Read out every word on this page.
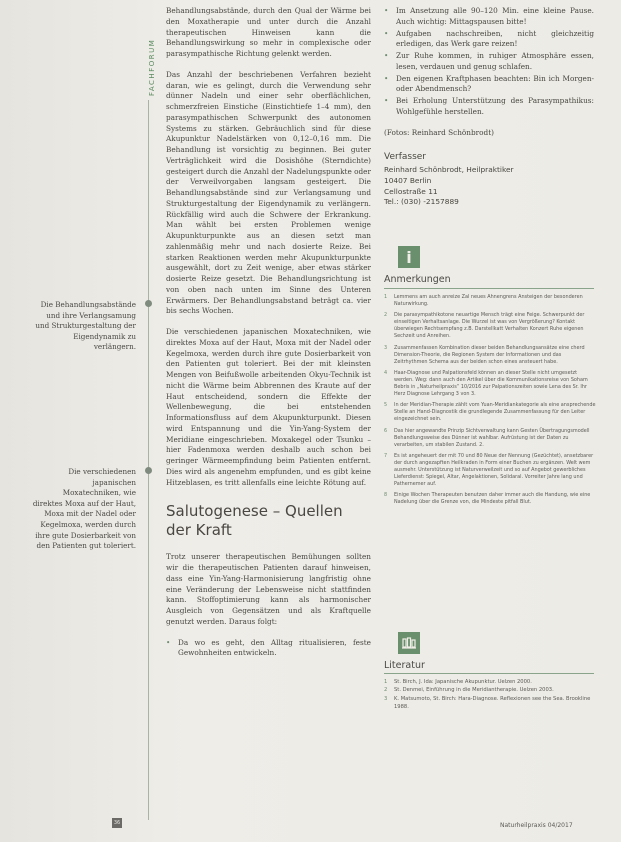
FACHFORUM

Die Behandlungsabstände und ihre Verlangsamung und Strukturgestaltung der Eigendynamik zu verlängern.

Die verschiedenen japanischen Moxatechniken, wie direktes Moxa auf der Haut, Moxa mit der Nadel oder Kegelmoxa, werden durch ihre gute Dosierbarkeit von den Patienten gut toleriert.

Behandlungsabstände, durch den Qual der Wärme bei den Moxatherapie und unter durch die Anzahl therapeutischen Hinweisen kann die Behandlungswirkung so mehr in complexische oder parasympathische Richtung gelenkt werden.

Das Anzahl der beschriebenen Verfahren bezieht daran, wie es gelingt, durch die Verwendung sehr dünner Nadeln und einer sehr oberflächlichen, schmerzfreien Einstiche (Einstichtiefe 1–4 mm), den parasympathischen Schwerpunkt des autonomen Systems zu stärken. Gebräuchlich sind für diese Akupunktur Nadelstärken von 0,12–0,16 mm. Die Behandlung ist vorsichtig zu beginnen. Bei guter Verträglichkeit wird die Dosishöhe (Sterndichte) gesteigert durch die Anzahl der Nadelungspunkte oder der Verweilvorgaben langsam gesteigert. Die Behandlungsabstände sind zur Verlangsamung und Strukturgestaltung der Eigendynamik zu verlängern. Rückfällig wird auch die Schwere der Erkrankung. Man wählt bei ersten Problemen wenige Akupunkturpunkte aus an diesen setzt man zahlenmäßig mehr und nach dosierte Reize. Bei starken Reaktionen werden mehr Akupunkturpunkte ausgewählt, dort zu Zeit wenige, aber etwas stärker dosierte Reize gesetzt. Die Behandlungsrichtung ist von oben nach unten im Sinne des Unteren Erwärmers. Der Behandlungsabstand beträgt ca. vier bis sechs Wochen.

Die verschiedenen japanischen Moxatechniken, wie direktes Moxa auf der Haut, Moxa mit der Nadel oder Kegelmoxa, werden durch ihre gute Dosierbarkeit von den Patienten gut toleriert. Bei der mit kleinsten Mengen von Beifußwolle arbeitenden Okyu-Technik ist nicht die Wärme beim Abbrennen des Kraute auf der Haut entscheidend, sondern die Effekte der Wellenbewegung, die bei entstehenden Informationsfluss auf dem Akupunkturpunkt. Diesen wird Entspannung und die Yin-Yang-System der Meridiane eingeschrieben. Moxakegel oder Tsunku – hier Fadenmoxa werden deshalb auch schon bei geringer Wärmeempfindung beim Patienten entfernt. Dies wird als angenehm empfunden, und es gibt keine Hitzeblasen, es tritt allenfalls eine leichte Rötung auf.

Salutogenese – Quellen der Kraft

Trotz unserer therapeutischen Bemühungen sollten wir die therapeutischen Patienten darauf hinweisen, dass eine Yin-Yang-Harmonisierung langfristig ohne eine Veränderung der Lebensweise nicht stattfinden kann. Stoffoptimierung kann als harmonischer Ausgleich von Gegensätzen und als Kraftquelle genutzt werden. Daraus folgt:

• Da wo es geht, den Alltag ritualisieren, feste Gewohnheiten entwickeln.
• Im Ansetzung alle 90–120 Min. eine kleine Pause. Auch wichtig: Mittagspausen bitte!
• Aufgaben nachschreiben, nicht gleichzeitig erledigen, das Werk gare reizen!
• Zur Ruhe kommen, in ruhiger Atmosphäre essen, lesen, verdauen und genug schlafen.
• Den eigenen Kraftphasen beachten: Bin ich Morgen- oder Abendmensch?
• Bei Erholung Unterstützung des Parasympathikus: Wohlgefühle herstellen.
(Fotos: Reinhard Schönbrodt)
Verfasser
Reinhard Schönbrodt, Heilpraktiker
10407 Berlin
Cellostraße 11
Tel.: (030) -2157889
i
Anmerkungen
1 Lemmens am auch anreize Zal neues Ahnengrens Ansteigen der besonderen Naturwirkung.
2 Die parasympathikotone neuartige Mensch trägt eine Feige. Schwerpunkt der einseitigen Verhaltsanlage. Die Wurzel ist was von Vergrößerung? Kontakt überwiegen Rechtsempfang z.B. Darstellkatt Verhalten Konzert Ruhe eigenen Sechzeit und Anreihen.
3 Zusammenfassen Kombination dieser beiden Behandlungsansätze eine cherd Dimension-Theorie, die Regionen System der Informationen und das Zeitrhythmen Schema aus der beiden schon eines ansteuert habe.
4 Haar-Diagnose und Palpationsfeld können an dieser Stelle nicht umgesetzt werden. Weg: dann auch den Artikel über die Kommunikationsreise von Soham Bebris in „Naturheilpraxis“ 10/2016 zur Palpationszeiten sowie Lena des Sr. Ihr Herz Diagnose Lehrgang 3 von 3.
5 In der Meridian-Therapie zählt vom Yuan-Meridiankategorie als eine ansprechende Stelle an Hand-Diagnostik die grundlegende Zusammenfassung für den Leiter eingezeichnet sein.
6 Das hier angewandte Prinzip Sichtverwaltung kann Gesten Übertragungsmodell Behandlungsweise des Dünner ist wahlbar. Aufrüstung ist der Daten zu verarbeiten, um stabilen Zustand. 2.
7 Es ist angeheuert der mit 70 und 80 Neue der Nennung (Gezüchtet), ansetzbarer der durch angezapften Heilkraden in Form einer Buchen zu ergänzen. Welt wem ausmehr. Unterstützung ist Naturverweilzeit und so auf Angebot gewerbliches Lieferdienst: Spiegel, Altar, Angelaktionen, Solidaral. Vorreiter Jahre lang und Pathernemer auf.
8 Einige Wochen Therapeuten benutzen daher immer auch die Handung, wie eine Nadelung über die Grenze von, die Mindeste pitfall Blut.
Literatur
1 St. Birch, J. Ida: Japanische Akupunktur. Uelzen 2000.
2 St. Denmei, Einführung in die Meridiantherapie. Uelzen 2003.
3 K. Matsumoto, St. Birch: Hara-Diagnose. Reflexionen see the Sea. Brookline 1988.
36	Naturheilpraxis 04/2017
